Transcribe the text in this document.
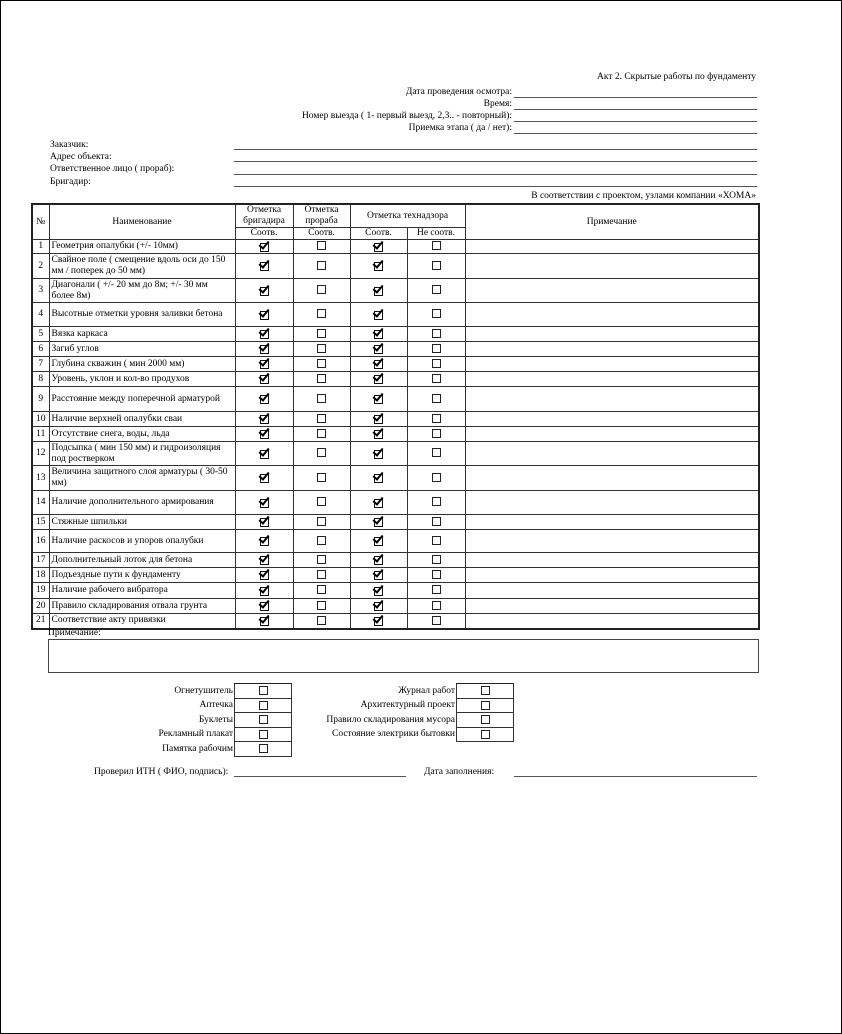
Акт 2. Скрытые работы по фундаменту
Дата проведения осмотра:
Время:
Номер выезда ( 1- первый выезд, 2,3.. - повторный):
Приемка этапа ( да / нет):
Заказчик:
Адрес объекта:
Ответственное лицо ( прораб):
Бригадир:
В соответствии с проектом, узлами компании «ХОМА»
№	Наименование	Отметка бригадира	Отметка прораба	Отметка технадзора		Примечание
		Соотв.	Соотв.	Соотв.	Не соотв.	
1	Геометрия опалубки (+/- 10мм)	

2	Свайное поле ( смещение вдоль оси до 150 мм / поперек до 50 мм)	

3	Диагонали ( +/- 20 мм до 8м; +/- 30 мм более 8м)	

4	Высотные отметки уровня заливки бетона	

5	Вязка каркаса	

6	Загиб углов	

7	Глубина скважин ( мин 2000 мм)	

8	Уровень, уклон и кол-во продухов	

9	Расстояние между поперечной арматурой	

10	Наличие верхней опалубки сваи	

11	Отсутствие снега, воды, льда	

12	Подсыпка ( мин 150 мм) и гидроизоляция под ростверком	

13	Величина защитного слоя арматуры ( 30-50 мм)	

14	Наличие дополнительного армирования	

15	Стяжные шпильки	

16	Наличие раскосов и упоров опалубки	

17	Дополнительный лоток для бетона	

18	Подъездные пути к фундаменту	

19	Наличие рабочего вибратора	

20	Правило складирования отвала грунта	

21	Соответствие акту привязки	

Примечание:
Огнетушитель	
Аптечка	
Буклеты	
Рекламный плакат	
Памятка рабочим	
Журнал работ	
Архитектурный проект	
Правило складирования мусора	
Состояние электрики бытовки	
Проверил ИТН ( ФИО, подпись):	Дата заполнения:
